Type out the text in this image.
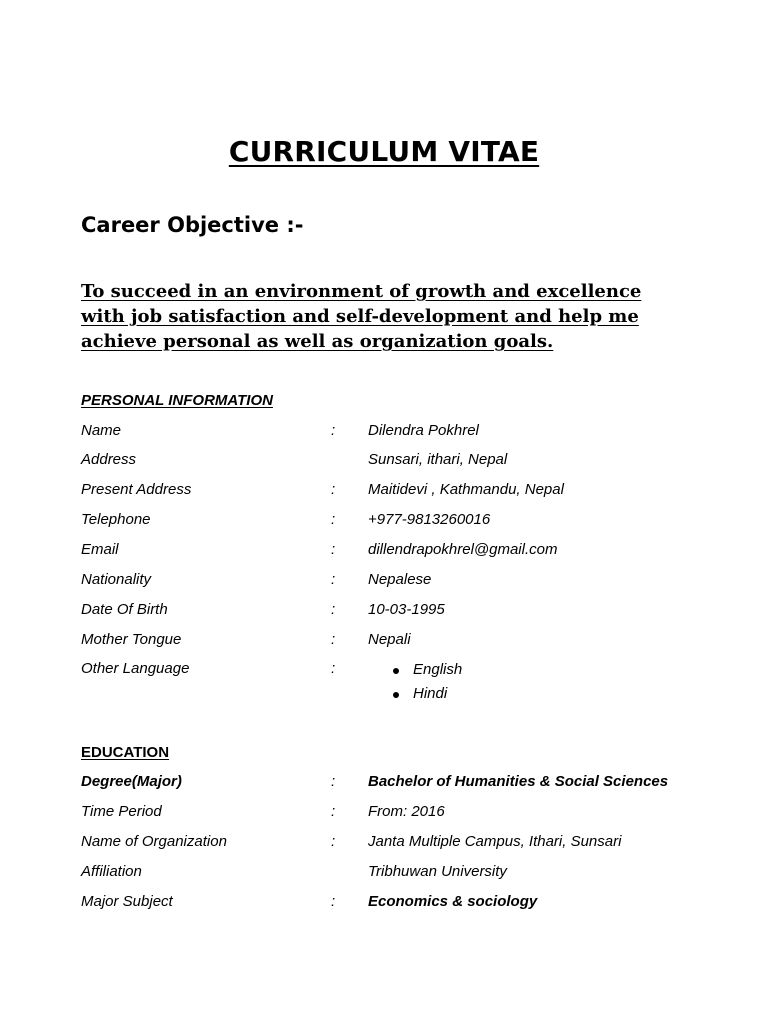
CURRICULUM VITAE
Career Objective :-
To succeed in an environment of growth and excellence with job satisfaction and self-development and help me achieve personal as well as organization goals.
PERSONAL INFORMATION
Name	: Dilendra Pokhrel
Address	Sunsari, ithari, Nepal
Present Address	: Maitidevi , Kathmandu, Nepal
Telephone	: +977-9813260016
Email	: dillendrapokhrel@gmail.com
Nationality	: Nepalese
Date Of Birth	: 10-03-1995
Mother Tongue	: Nepali
Other Language	:	English
Hindi
EDUCATION
Degree(Major)	: Bachelor of Humanities & Social Sciences
Time Period	: From: 2016
Name of Organization	: Janta Multiple Campus, Ithari, Sunsari
Affiliation	Tribhuwan University
Major Subject	: Economics & sociology
